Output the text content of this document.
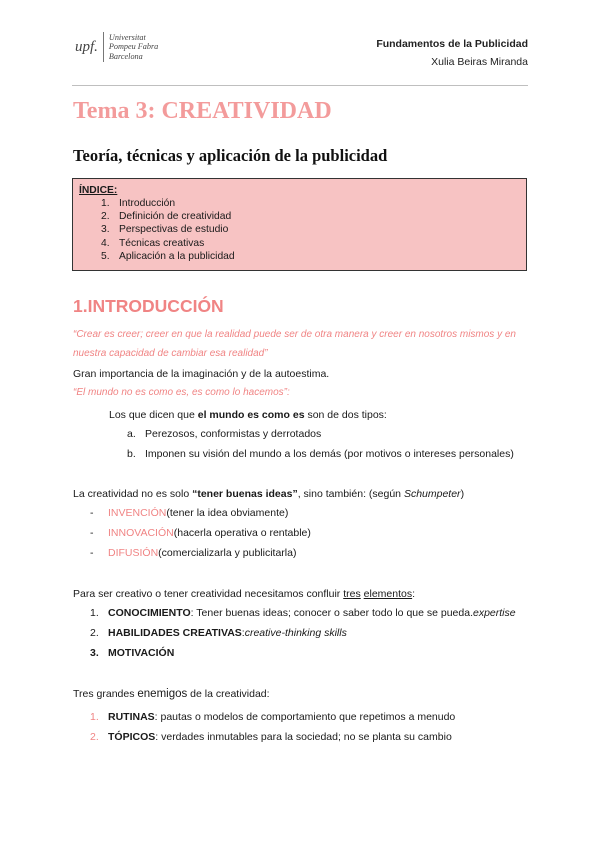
upf.
Universitat
Pompeu Fabra
Barcelona
Fundamentos de la Publicidad
Xulia Beiras Miranda
Tema 3: CREATIVIDAD
Teoría, técnicas y aplicación de la publicidad
ÍNDICE:
1. Introducción
2. Definición de creatividad
3. Perspectivas de estudio
4. Técnicas creativas
5. Aplicación a la publicidad
1.INTRODUCCIÓN
“Crear es creer; creer en que la realidad puede ser de otra manera y creer en nosotros mismos y en nuestra capacidad de cambiar esa realidad”
Gran importancia de la imaginación y de la autoestima.
“El mundo no es como es, es como lo hacemos”:
Los que dicen que el mundo es como es son de dos tipos:
a. Perezosos, conformistas y derrotados
b. Imponen su visión del mundo a los demás (por motivos o intereses personales)
La creatividad no es solo “tener buenas ideas”, sino también: (según Schumpeter)
-	INVENCIÓN (tener la idea obviamente)
-	INNOVACIÓN (hacerla operativa o rentable)
-	DIFUSIÓN (comercializarla y publicitarla)
Para ser creativo o tener creatividad necesitamos confluir tres elementos:
1. CONOCIMIENTO : Tener buenas ideas; conocer o saber todo lo que se pueda. expertise
2. HABILIDADES CREATIVAS : creative-thinking skills
3. MOTIVACIÓN
Tres grandes enemigos de la creatividad:
1. RUTINAS : pautas o modelos de comportamiento que repetimos a menudo
2. TÓPICOS : verdades inmutables para la sociedad; no se planta su cambio
